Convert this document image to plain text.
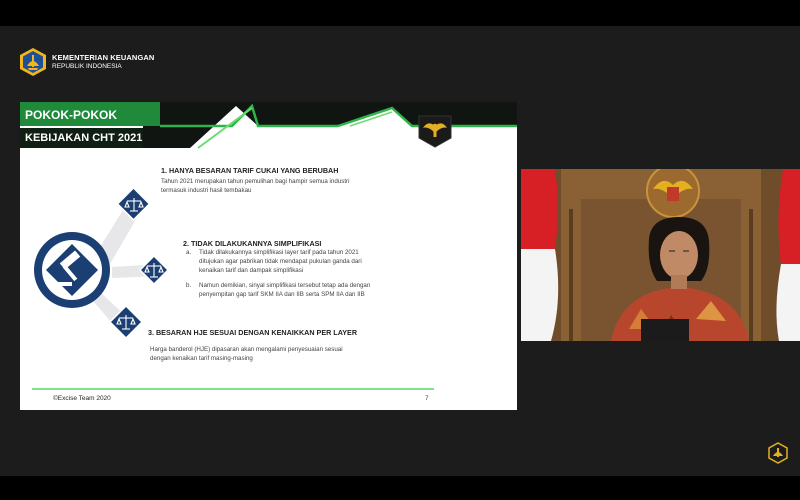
KEMENTERIAN KEUANGAN
REPUBLIK INDONESIA
POKOK-POKOK
KEBIJAKAN CHT 2021
1. HANYA BESARAN TARIF CUKAI YANG BERUBAH
Tahun 2021 merupakan tahun pemulihan bagi hampir semua industri
termasuk industri hasil tembakau
2. TIDAK DILAKUKANNYA SIMPLIFIKASI
a. Tidak dilakukannya simplifikasi layer tarif pada tahun 2021
ditujukan agar pabrikan tidak mendapat pukulan ganda dari
kenaikan tarif dan dampak simplifikasi
b. Namun demikian, sinyal simplifikasi tersebut tetap ada dengan
penyempitan gap tarif SKM IIA dan IIB serta SPM IIA dan IIB
3. BESARAN HJE SESUAI DENGAN KENAIKKAN PER LAYER
Harga banderol (HJE) dipasaran akan mengalami penyesuaian sesuai
dengan kenaikan tarif masing-masing
©Excise Team 2020	7
